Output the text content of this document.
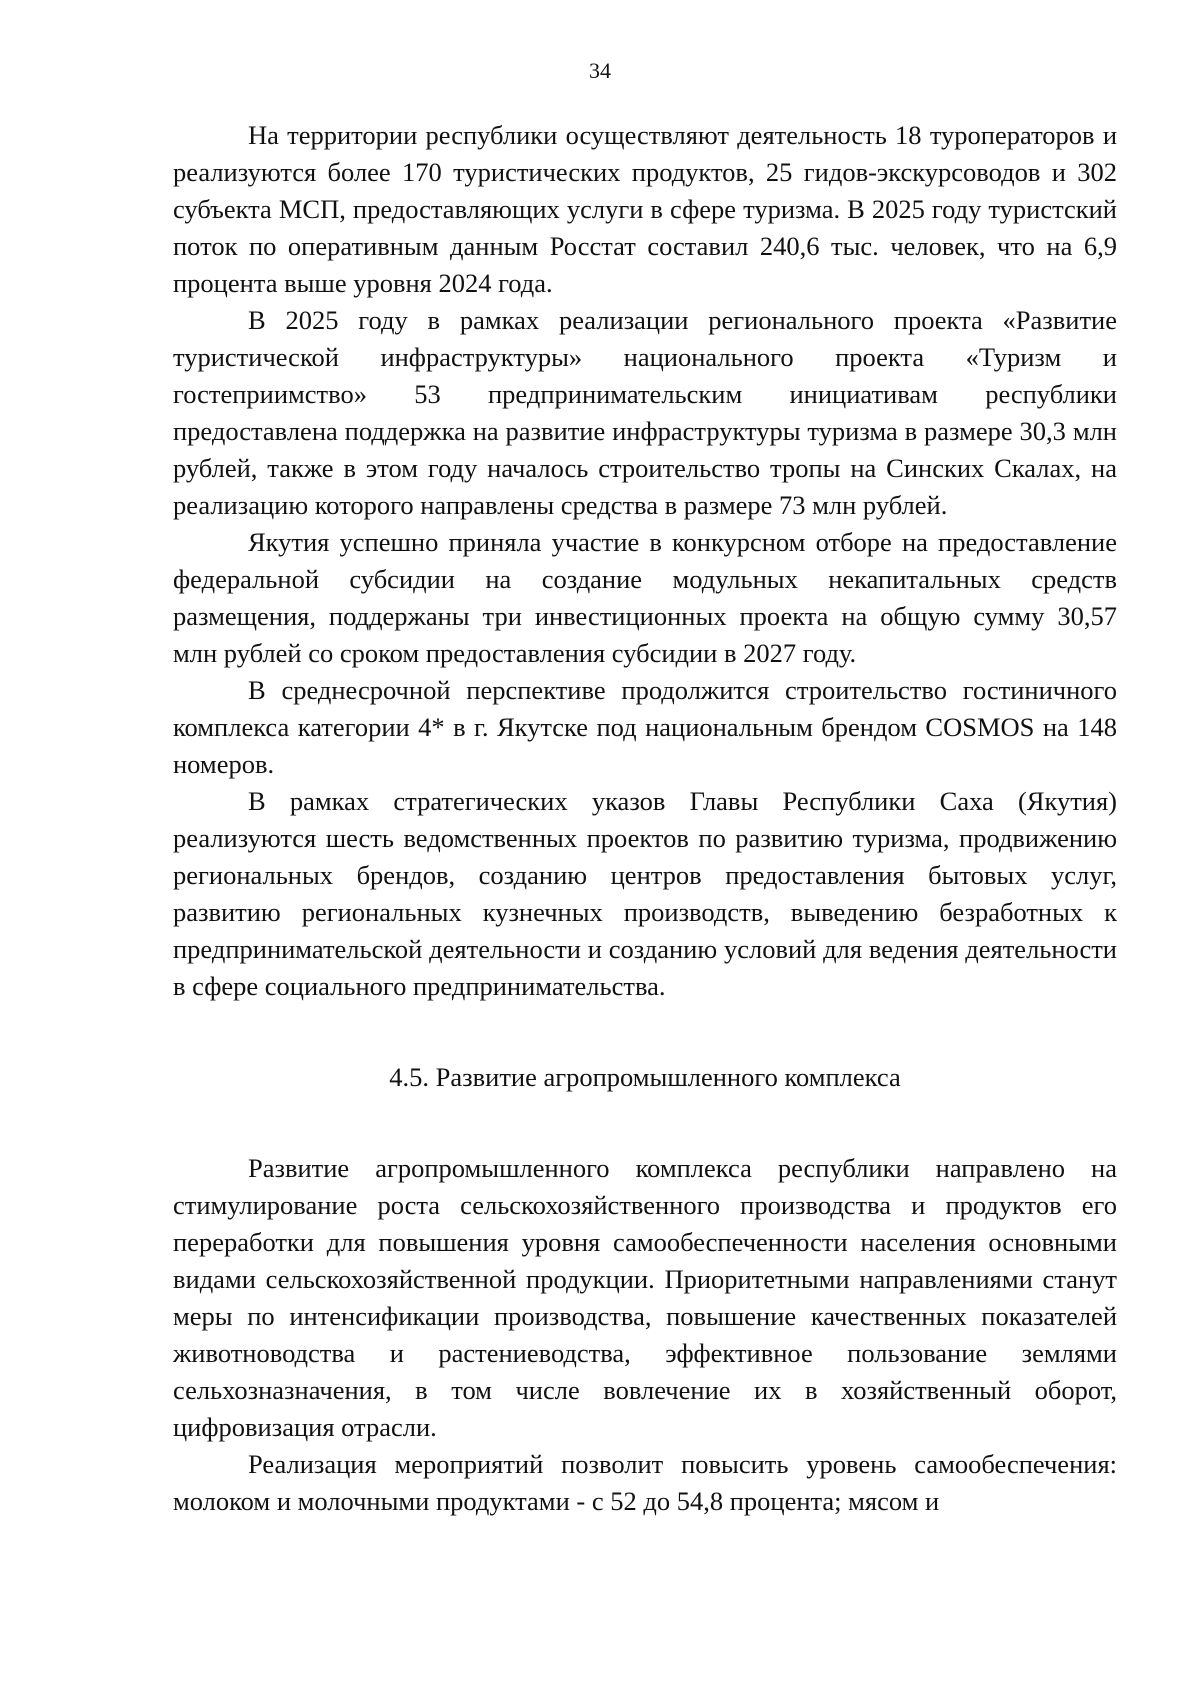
34

На территории республики осуществляют деятельность 18 туроператоров и реализуются более 170 туристических продуктов, 25 гидов-экскурсоводов и 302 субъекта МСП, предоставляющих услуги в сфере туризма. В 2025 году туристский поток по оперативным данным Росстат составил 240,6 тыс. человек, что на 6,9 процента выше уровня 2024 года.

В 2025 году в рамках реализации регионального проекта «Развитие туристической инфраструктуры» национального проекта «Туризм и гостеприимство» 53 предпринимательским инициативам республики предоставлена поддержка на развитие инфраструктуры туризма в размере 30,3 млн рублей, также в этом году началось строительство тропы на Синских Скалах, на реализацию которого направлены средства в размере 73 млн рублей.

Якутия успешно приняла участие в конкурсном отборе на предоставление федеральной субсидии на создание модульных некапитальных средств размещения, поддержаны три инвестиционных проекта на общую сумму 30,57 млн рублей со сроком предоставления субсидии в 2027 году.

В среднесрочной перспективе продолжится строительство гостиничного комплекса категории 4* в г. Якутске под национальным брендом COSMOS на 148 номеров.

В рамках стратегических указов Главы Республики Саха (Якутия) реализуются шесть ведомственных проектов по развитию туризма, продвижению региональных брендов, созданию центров предоставления бытовых услуг, развитию региональных кузнечных производств, выведению безработных к предпринимательской деятельности и созданию условий для ведения деятельности в сфере социального предпринимательства.

4.5. Развитие агропромышленного комплекса

Развитие агропромышленного комплекса республики направлено на стимулирование роста сельскохозяйственного производства и продуктов его переработки для повышения уровня самообеспеченности населения основными видами сельскохозяйственной продукции. Приоритетными направлениями станут меры по интенсификации производства, повышение качественных показателей животноводства и растениеводства, эффективное пользование землями сельхозназначения, в том числе вовлечение их в хозяйственный оборот, цифровизация отрасли.

Реализация мероприятий позволит повысить уровень самообеспечения: молоком и молочными продуктами - с 52 до 54,8 процента; мясом и
